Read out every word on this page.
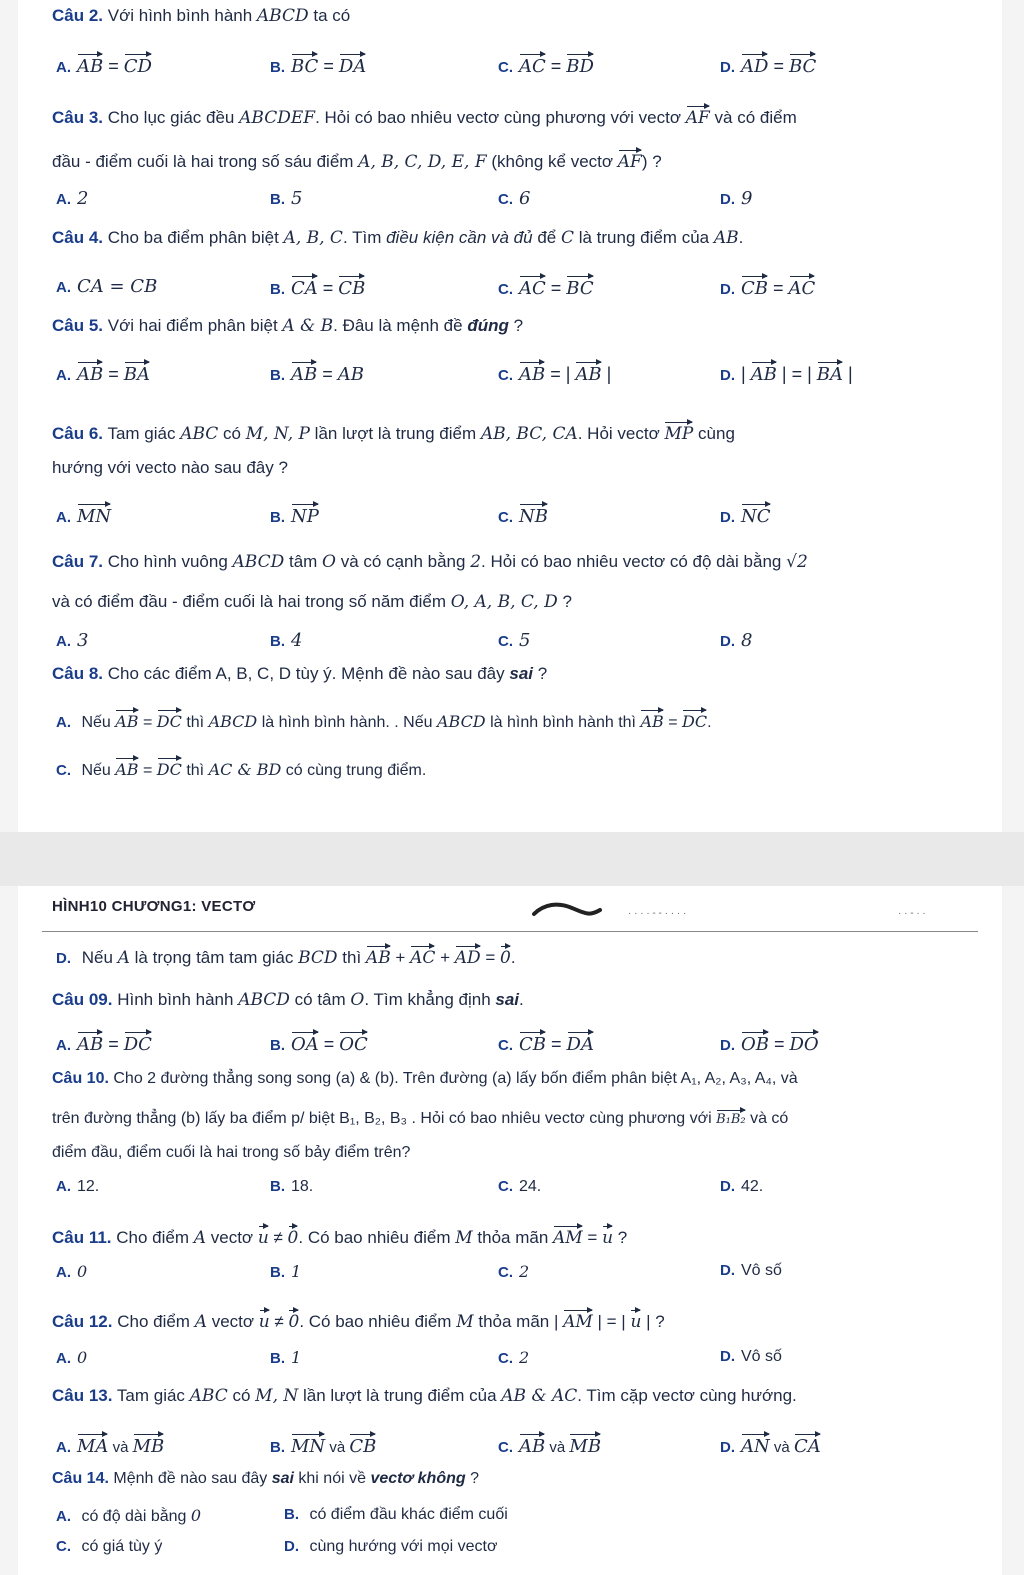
Câu 2. Với hình bình hành ABCD ta có
A. AB = CD	B. BC = DA	C. AC = BD	D. AD = BC
Câu 3. Cho lục giác đều ABCDEF. Hỏi có bao nhiêu vectơ cùng phương với vectơ AF và có điểm
đầu - điểm cuối là hai trong số sáu điểm A, B, C, D, E, F (không kể vectơ AF) ?
A. 2	B. 5	C. 6	D. 9
Câu 4. Cho ba điểm phân biệt A, B, C. Tìm điều kiện cần và đủ để C là trung điểm của AB.
A. CA = CB	B. CA = CB	C. AC = BC	D. CB = AC
Câu 5. Với hai điểm phân biệt A & B. Đâu là mệnh đề đúng ?
A. AB = BA	B. AB = AB	C. AB = | AB |	D. | AB | = | BA |
Câu 6. Tam giác ABC có M, N, P lần lượt là trung điểm AB, BC, CA. Hỏi vectơ MP cùng
hướng với vecto nào sau đây ?
A. MN	B. NP	C. NB	D. NC
Câu 7. Cho hình vuông ABCD tâm O và có cạnh bằng 2. Hỏi có bao nhiêu vectơ có độ dài bằng √2
và có điểm đầu - điểm cuối là hai trong số năm điểm O, A, B, C, D ?
A. 3	B. 4	C. 5	D. 8
Câu 8. Cho các điểm A, B, C, D tùy ý. Mệnh đề nào sau đây sai ?
A. Nếu AB = DC thì ABCD là hình bình hành. . Nếu ABCD là hình bình hành thì AB = DC.
C. Nếu AB = DC thì AC & BD có cùng trung điểm.
HÌNH10 CHƯƠNG1: VECTƠ	· · · · - - · · · ·	· · - · ·
D. Nếu A là trọng tâm tam giác BCD thì AB + AC + AD = 0.
Câu 09. Hình bình hành ABCD có tâm O. Tìm khẳng định sai.
A. AB = DC	B. OA = OC	C. CB = DA	D. OB = DO
Câu 10. Cho 2 đường thẳng song song (a) & (b). Trên đường (a) lấy bốn điểm phân biệt A₁, A₂, A₃, A₄, và
trên đường thẳng (b) lấy ba điểm p/ biệt B₁, B₂, B₃ . Hỏi có bao nhiêu vectơ cùng phương với B₁B₂ và có
điểm đầu, điểm cuối là hai trong số bảy điểm trên?
A. 12.	B. 18.	C. 24.	D. 42.
Câu 11. Cho điểm A vectơ u ≠ 0. Có bao nhiêu điểm M thỏa mãn AM = u ?
A. 0	B. 1	C. 2	D. Vô số
Câu 12. Cho điểm A vectơ u ≠ 0. Có bao nhiêu điểm M thỏa mãn | AM | = | u | ?
A. 0	B. 1	C. 2	D. Vô số
Câu 13. Tam giác ABC có M, N lần lượt là trung điểm của AB & AC. Tìm cặp vectơ cùng hướng.
A. MA và MB	B. MN và CB	C. AB và MB	D. AN và CA
Câu 14. Mệnh đề nào sau đây sai khi nói về vectơ không ?
A. có độ dài bằng 0	B. có điểm đầu khác điểm cuối
C. có giá tùy ý	D. cùng hướng với mọi vectơ
